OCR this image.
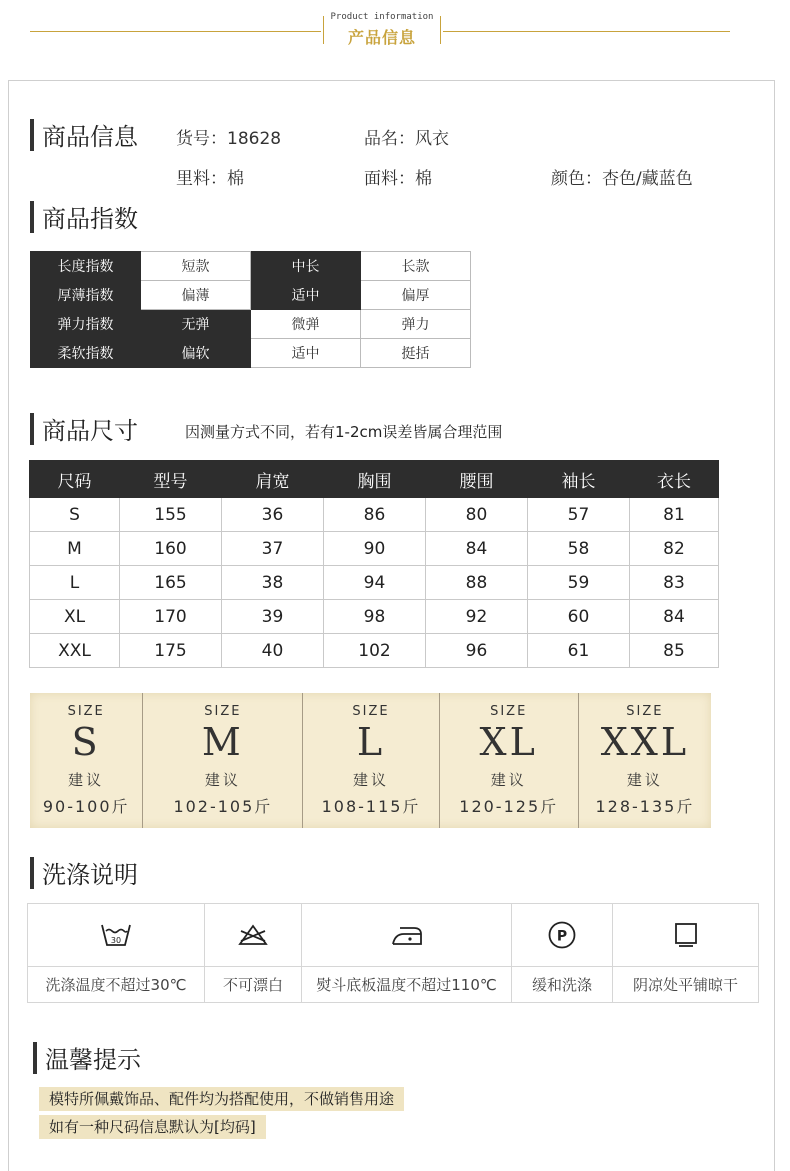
Product information
产品信息
商品信息 货号：18628	品名：风衣
里料：棉	面料：棉	颜色：杏色/藏蓝色
商品指数
长度指数	短款	中长	长款
厚薄指数	偏薄	适中	偏厚
弹力指数	无弹	微弹	弹力
柔软指数	偏软	适中	挺括
商品尺寸	因测量方式不同，若有1-2cm误差皆属合理范围
尺码	型号	肩宽	胸围	腰围	袖长	衣长
S	155	36	86	80	57	81
M	160	37	90	84	58	82
L	165	38	94	88	59	83
XL	170	39	98	92	60	84
XXL	175	40	102	96	61	85
SIZE
S
建议
90-100斤
SIZE
M
建议
102-105斤
SIZE
L
建议
108-115斤
SIZE
XL
建议
120-125斤
SIZE
XXL
建议
128-135斤
洗涤说明
30			P

洗涤温度不超过30℃	不可漂白	熨斗底板温度不超过110℃	缓和洗涤	阴凉处平铺晾干
温馨提示
模特所佩戴饰品、配件均为搭配使用，不做销售用途
如有一种尺码信息默认为[均码]
